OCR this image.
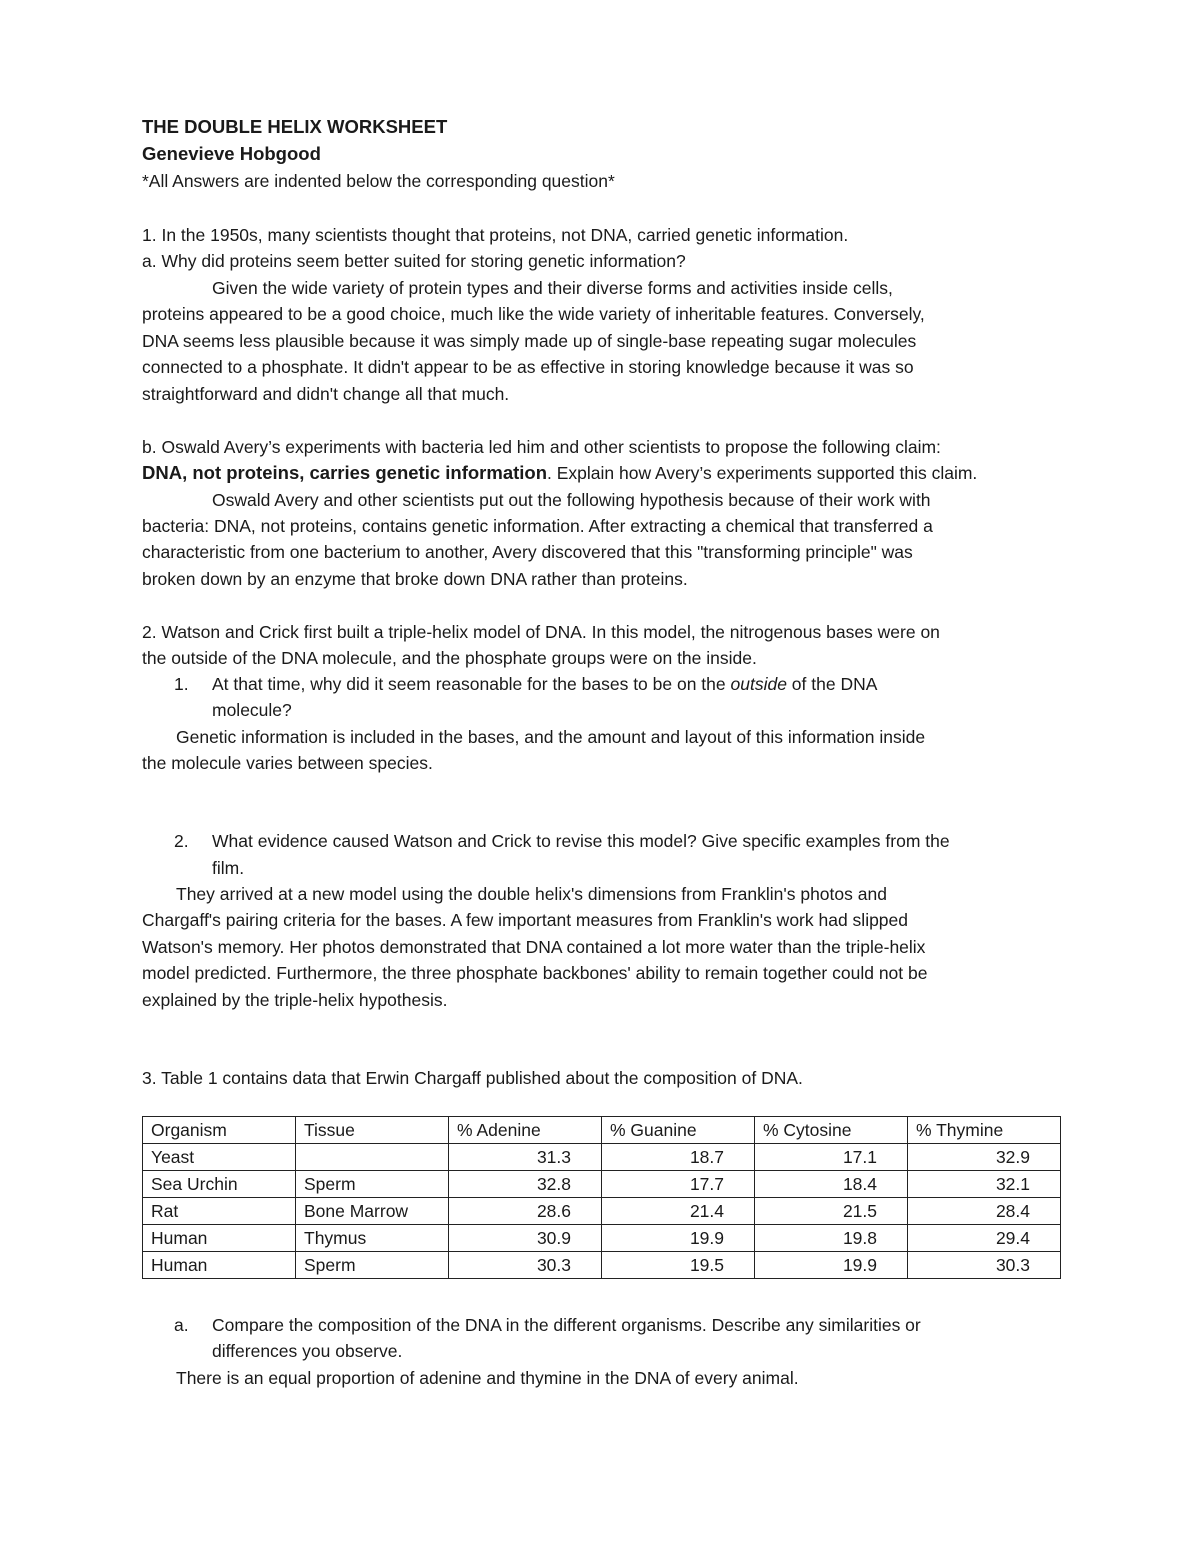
THE DOUBLE HELIX WORKSHEET
Genevieve Hobgood
*All Answers are indented below the corresponding question*
1. In the 1950s, many scientists thought that proteins, not DNA, carried genetic information.
a. Why did proteins seem better suited for storing genetic information?
Given the wide variety of protein types and their diverse forms and activities inside cells,
proteins appeared to be a good choice, much like the wide variety of inheritable features. Conversely,
DNA seems less plausible because it was simply made up of single-base repeating sugar molecules
connected to a phosphate. It didn't appear to be as effective in storing knowledge because it was so
straightforward and didn't change all that much.
b. Oswald Avery’s experiments with bacteria led him and other scientists to propose the following claim:
DNA, not proteins, carries genetic information. Explain how Avery’s experiments supported this claim.
Oswald Avery and other scientists put out the following hypothesis because of their work with
bacteria: DNA, not proteins, contains genetic information. After extracting a chemical that transferred a
characteristic from one bacterium to another, Avery discovered that this "transforming principle" was
broken down by an enzyme that broke down DNA rather than proteins.
2. Watson and Crick first built a triple-helix model of DNA. In this model, the nitrogenous bases were on
the outside of the DNA molecule, and the phosphate groups were on the inside.
1. At that time, why did it seem reasonable for the bases to be on the outside of the DNA
molecule?
Genetic information is included in the bases, and the amount and layout of this information inside
the molecule varies between species.
2. What evidence caused Watson and Crick to revise this model? Give specific examples from the
film.
They arrived at a new model using the double helix's dimensions from Franklin's photos and
Chargaff's pairing criteria for the bases. A few important measures from Franklin's work had slipped
Watson's memory. Her photos demonstrated that DNA contained a lot more water than the triple-helix
model predicted. Furthermore, the three phosphate backbones' ability to remain together could not be
explained by the triple-helix hypothesis.
3. Table 1 contains data that Erwin Chargaff published about the composition of DNA.
Organism	Tissue	% Adenine	% Guanine	% Cytosine	% Thymine
Yeast		31.3	18.7	17.1	32.9
Sea Urchin	Sperm	32.8	17.7	18.4	32.1
Rat	Bone Marrow	28.6	21.4	21.5	28.4
Human	Thymus	30.9	19.9	19.8	29.4
Human	Sperm	30.3	19.5	19.9	30.3
a. Compare the composition of the DNA in the different organisms. Describe any similarities or
differences you observe.
There is an equal proportion of adenine and thymine in the DNA of every animal.
